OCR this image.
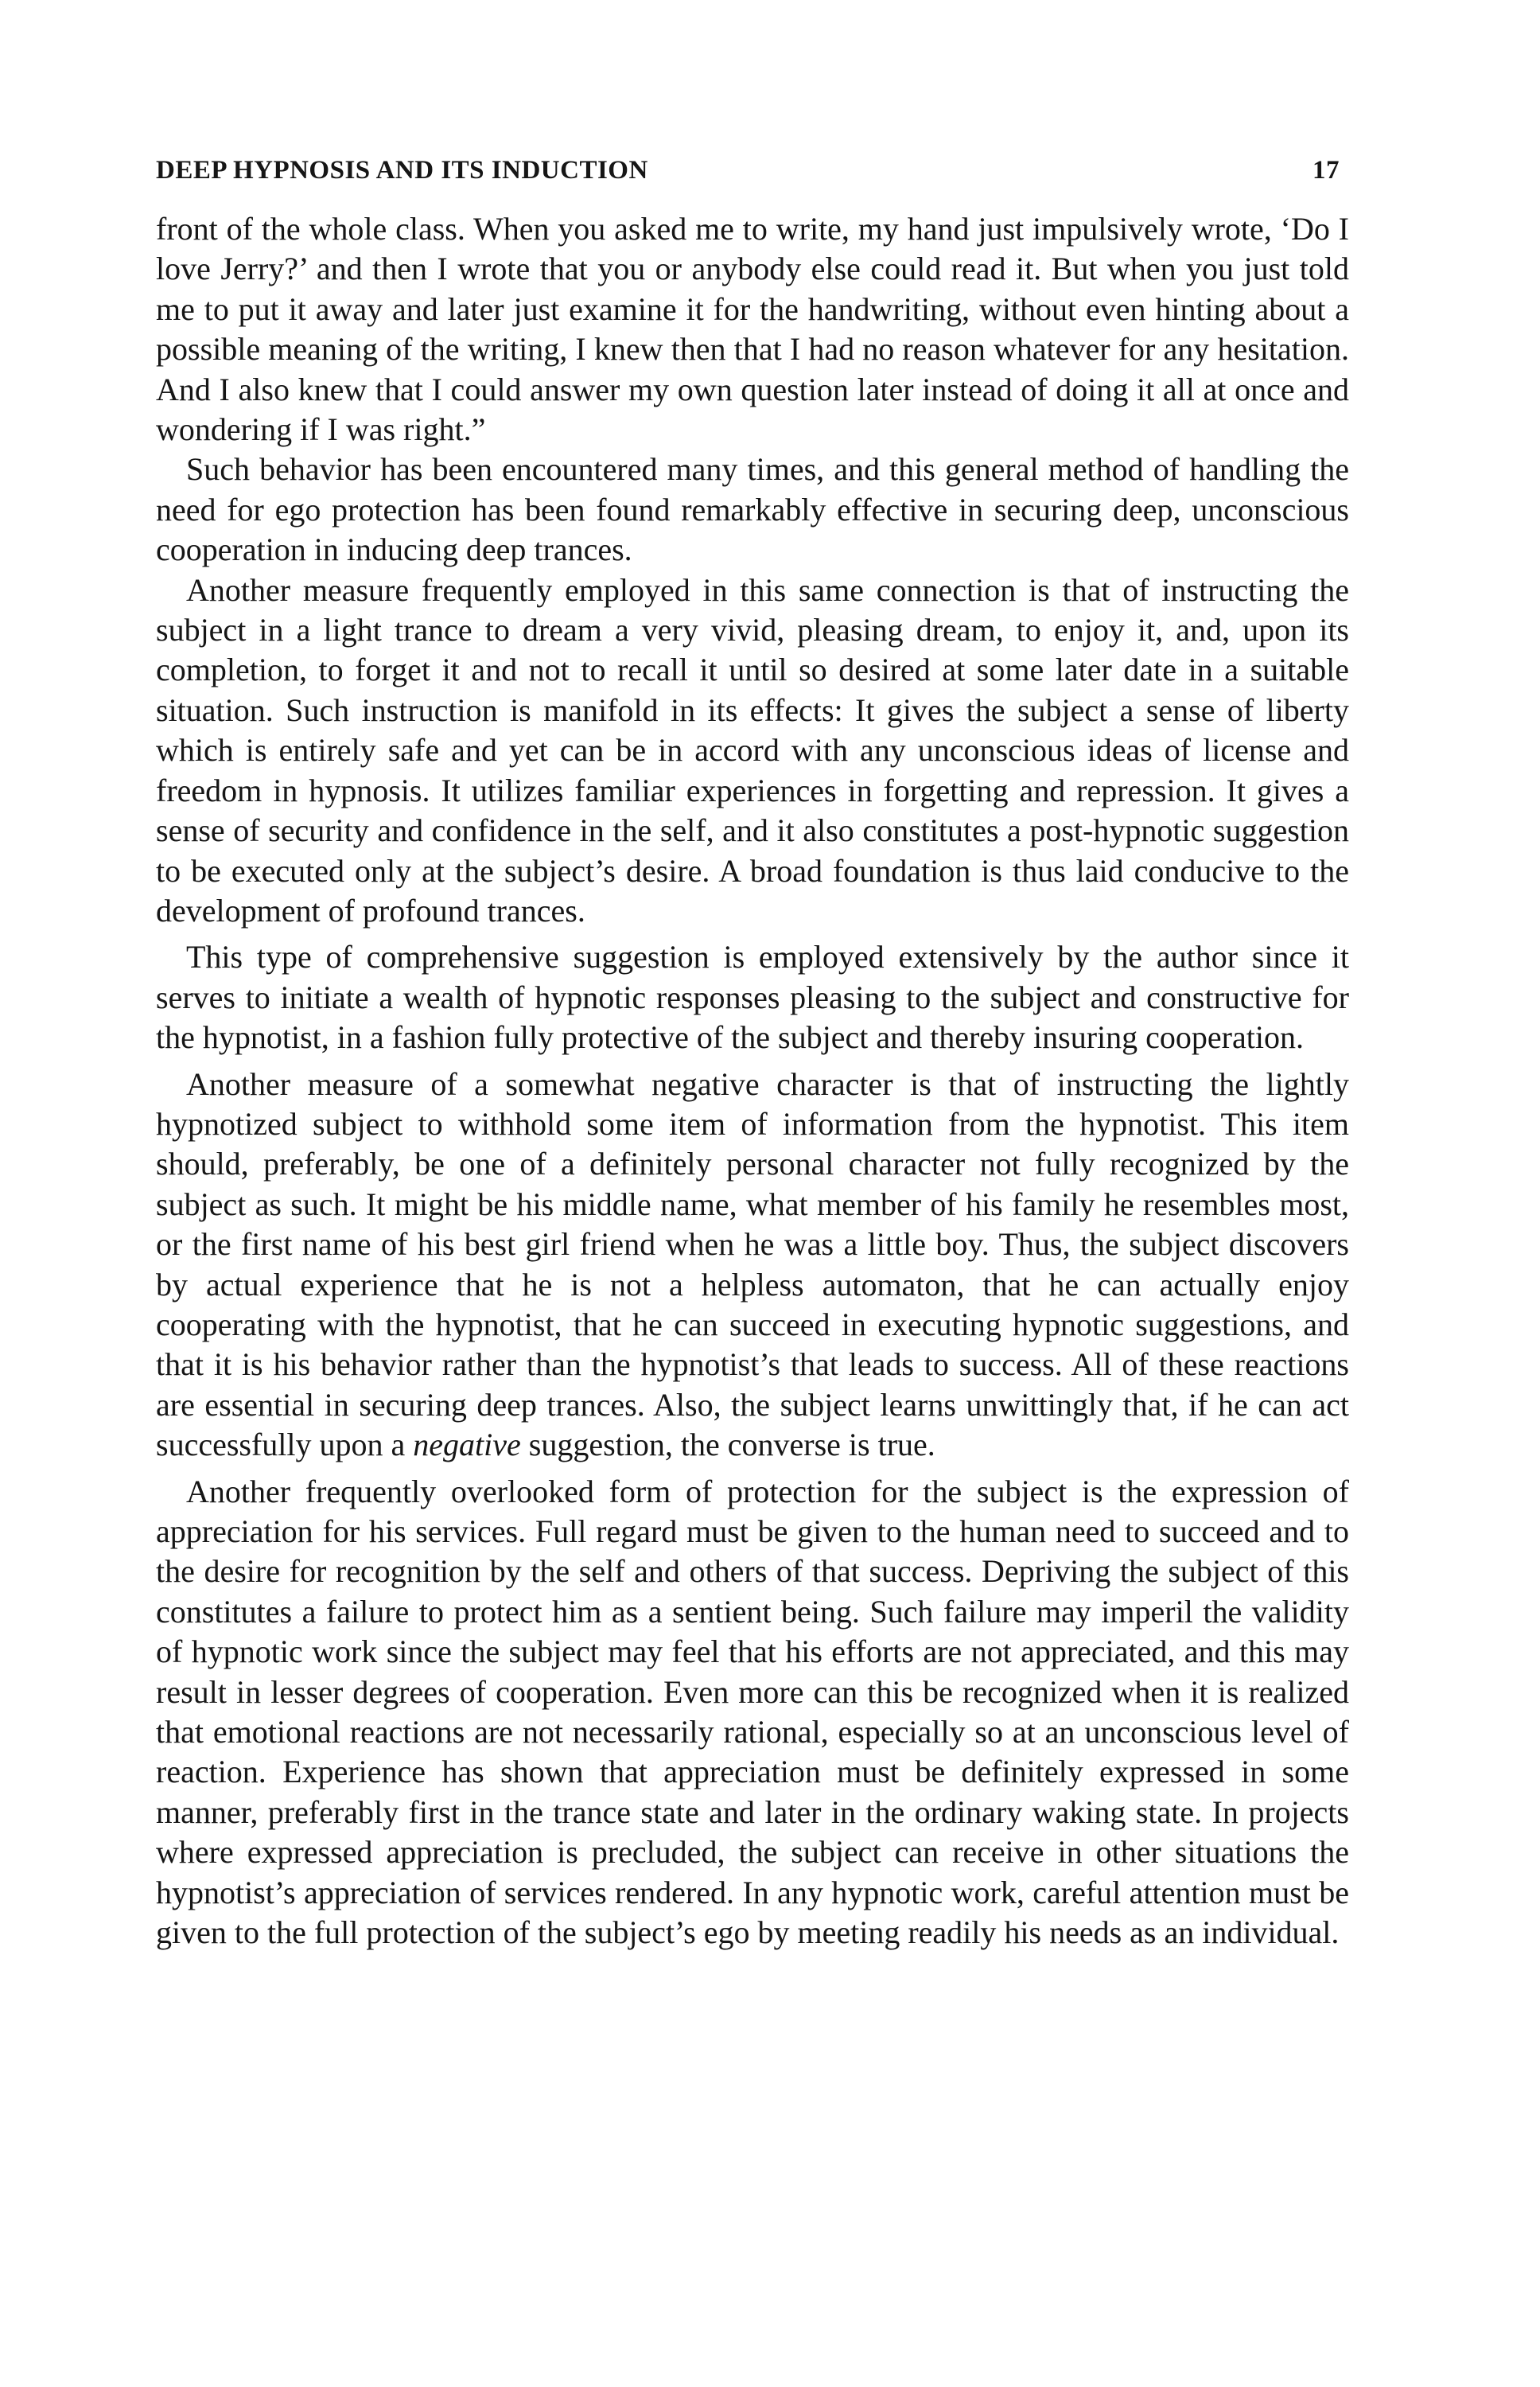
DEEP HYPNOSIS AND ITS INDUCTION	17

front of the whole class. When you asked me to write, my hand just impulsively wrote, ‘Do I love Jerry?’ and then I wrote that you or anybody else could read it. But when you just told me to put it away and later just examine it for the handwriting, without even hinting about a possible meaning of the writing, I knew then that I had no reason whatever for any hesitation. And I also knew that I could answer my own question later instead of doing it all at once and wondering if I was right.”

Such behavior has been encountered many times, and this general method of handling the need for ego protection has been found remarkably effective in securing deep, unconscious cooperation in inducing deep trances.

Another measure frequently employed in this same connection is that of instructing the subject in a light trance to dream a very vivid, pleasing dream, to enjoy it, and, upon its completion, to forget it and not to recall it until so desired at some later date in a suitable situation. Such instruction is manifold in its effects: It gives the subject a sense of liberty which is entirely safe and yet can be in accord with any unconscious ideas of license and freedom in hypnosis. It utilizes familiar experiences in forgetting and repression. It gives a sense of security and confidence in the self, and it also constitutes a post-hypnotic suggestion to be executed only at the subject’s desire. A broad foundation is thus laid conducive to the development of profound trances.

This type of comprehensive suggestion is employed extensively by the author since it serves to initiate a wealth of hypnotic responses pleasing to the subject and constructive for the hypnotist, in a fashion fully protective of the subject and thereby insuring cooperation.

Another measure of a somewhat negative character is that of instructing the lightly hypnotized subject to withhold some item of information from the hypnotist. This item should, preferably, be one of a definitely personal character not fully recognized by the subject as such. It might be his middle name, what member of his family he resembles most, or the first name of his best girl friend when he was a little boy. Thus, the subject discovers by actual experience that he is not a helpless automaton, that he can actually enjoy cooperating with the hypnotist, that he can succeed in executing hypnotic suggestions, and that it is his behavior rather than the hypnotist’s that leads to success. All of these reactions are essential in securing deep trances. Also, the subject learns unwittingly that, if he can act successfully upon a negative suggestion, the converse is true.

Another frequently overlooked form of protection for the subject is the expression of appreciation for his services. Full regard must be given to the human need to succeed and to the desire for recognition by the self and others of that success. Depriving the subject of this constitutes a failure to protect him as a sentient being. Such failure may imperil the validity of hypnotic work since the subject may feel that his efforts are not appreciated, and this may result in lesser degrees of cooperation. Even more can this be recognized when it is realized that emotional reactions are not necessarily rational, especially so at an unconscious level of reaction. Experience has shown that appreciation must be definitely expressed in some manner, preferably first in the trance state and later in the ordinary waking state. In projects where expressed appreciation is precluded, the subject can receive in other situations the hypnotist’s appreciation of services rendered. In any hypnotic work, careful attention must be given to the full protection of the subject’s ego by meeting readily his needs as an individual.
